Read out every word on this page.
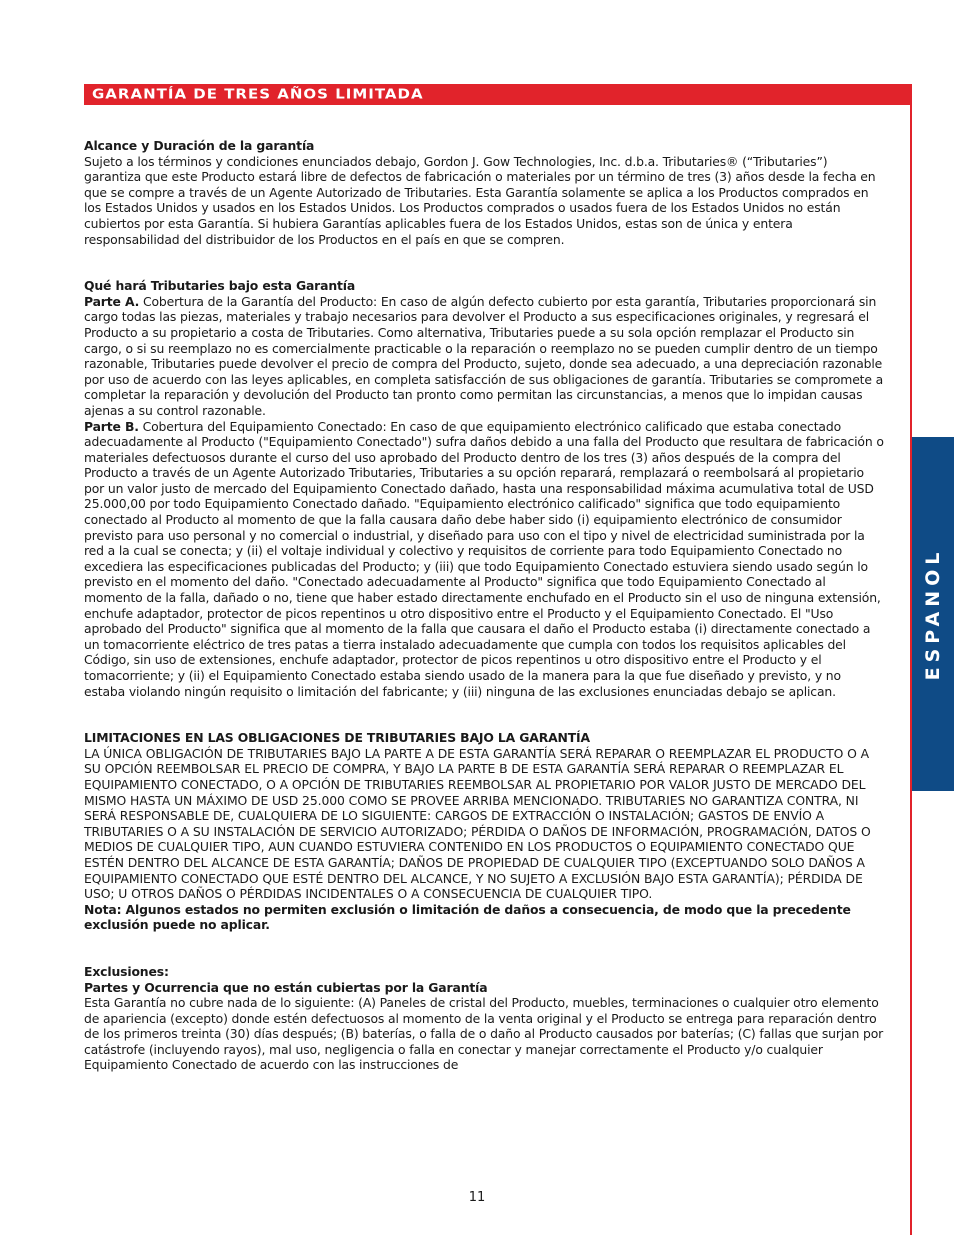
GARANTÍA DE TRES AÑOS LIMITADA
ESPANOL
Alcance y Duración de la garantía

Sujeto a los términos y condiciones enunciados debajo, Gordon J. Gow Technologies, Inc. d.b.a. Tributaries® (“Tributaries”) garantiza que este Producto estará libre de defectos de fabricación o materiales por un término de tres (3) años desde la fecha en que se compre a través de un Agente Autorizado de Tributaries. Esta Garantía solamente se aplica a los Productos comprados en los Estados Unidos y usados en los Estados Unidos. Los Productos comprados o usados fuera de los Estados Unidos no están cubiertos por esta Garantía. Si hubiera Garantías aplicables fuera de los Estados Unidos, estas son de única y entera responsabilidad del distribuidor de los Productos en el país en que se compren.

Qué hará Tributaries bajo esta Garantía

Parte A. Cobertura de la Garantía del Producto: En caso de algún defecto cubierto por esta garantía, Tributaries proporcionará sin cargo todas las piezas, materiales y trabajo necesarios para devolver el Producto a sus especificaciones originales, y regresará el Producto a su propietario a costa de Tributaries. Como alternativa, Tributaries puede a su sola opción remplazar el Producto sin cargo, o si su reemplazo no es comercialmente practicable o la reparación o reemplazo no se pueden cumplir dentro de un tiempo razonable, Tributaries puede devolver el precio de compra del Producto, sujeto, donde sea adecuado, a una depreciación razonable por uso de acuerdo con las leyes aplicables, en completa satisfacción de sus obligaciones de garantía. Tributaries se compromete a completar la reparación y devolución del Producto tan pronto como permitan las circunstancias, a menos que lo impidan causas ajenas a su control razonable.

Parte B. Cobertura del Equipamiento Conectado: En caso de que equipamiento electrónico calificado que estaba conectado adecuadamente al Producto ("Equipamiento Conectado") sufra daños debido a una falla del Producto que resultara de fabricación o materiales defectuosos durante el curso del uso aprobado del Producto dentro de los tres (3) años después de la compra del Producto a través de un Agente Autorizado Tributaries, Tributaries a su opción reparará, remplazará o reembolsará al propietario por un valor justo de mercado del Equipamiento Conectado dañado, hasta una responsabilidad máxima acumulativa total de USD 25.000,00 por todo Equipamiento Conectado dañado. "Equipamiento electrónico calificado" significa que todo equipamiento conectado al Producto al momento de que la falla causara daño debe haber sido (i) equipamiento electrónico de consumidor previsto para uso personal y no comercial o industrial, y diseñado para uso con el tipo y nivel de electricidad suministrada por la red a la cual se conecta; y (ii) el voltaje individual y colectivo y requisitos de corriente para todo Equipamiento Conectado no excediera las especificaciones publicadas del Producto; y (iii) que todo Equipamiento Conectado estuviera siendo usado según lo previsto en el momento del daño. "Conectado adecuadamente al Producto" significa que todo Equipamiento Conectado al momento de la falla, dañado o no, tiene que haber estado directamente enchufado en el Producto sin el uso de ninguna extensión, enchufe adaptador, protector de picos repentinos u otro dispositivo entre el Producto y el Equipamiento Conectado. El "Uso aprobado del Producto" significa que al momento de la falla que causara el daño el Producto estaba (i) directamente conectado a un tomacorriente eléctrico de tres patas a tierra instalado adecuadamente que cumpla con todos los requisitos aplicables del Código, sin uso de extensiones, enchufe adaptador, protector de picos repentinos u otro dispositivo entre el Producto y el tomacorriente; y (ii) el Equipamiento Conectado estaba siendo usado de la manera para la que fue diseñado y previsto, y no estaba violando ningún requisito o limitación del fabricante; y (iii) ninguna de las exclusiones enunciadas debajo se aplican.

LIMITACIONES EN LAS OBLIGACIONES DE TRIBUTARIES BAJO LA GARANTÍA

LA ÚNICA OBLIGACIÓN DE TRIBUTARIES BAJO LA PARTE A DE ESTA GARANTÍA SERÁ REPARAR O REEMPLAZAR EL PRODUCTO O A SU OPCIÓN REEMBOLSAR EL PRECIO DE COMPRA, Y BAJO LA PARTE B DE ESTA GARANTÍA SERÁ REPARAR O REEMPLAZAR EL EQUIPAMIENTO CONECTADO, O A OPCIÓN DE TRIBUTARIES REEMBOLSAR AL PROPIETARIO POR VALOR JUSTO DE MERCADO DEL MISMO HASTA UN MÁXIMO DE USD 25.000 COMO SE PROVEE ARRIBA MENCIONADO. TRIBUTARIES NO GARANTIZA CONTRA, NI SERÁ RESPONSABLE DE, CUALQUIERA DE LO SIGUIENTE: CARGOS DE EXTRACCIÓN O INSTALACIÓN; GASTOS DE ENVÍO A TRIBUTARIES O A SU INSTALACIÓN DE SERVICIO AUTORIZADO; PÉRDIDA O DAÑOS DE INFORMACIÓN, PROGRAMACIÓN, DATOS O MEDIOS DE CUALQUIER TIPO, AUN CUANDO ESTUVIERA CONTENIDO EN LOS PRODUCTOS O EQUIPAMIENTO CONECTADO QUE ESTÉN DENTRO DEL ALCANCE DE ESTA GARANTÍA; DAÑOS DE PROPIEDAD DE CUALQUIER TIPO (EXCEPTUANDO SOLO DAÑOS A EQUIPAMIENTO CONECTADO QUE ESTÉ DENTRO DEL ALCANCE, Y NO SUJETO A EXCLUSIÓN BAJO ESTA GARANTÍA); PÉRDIDA DE USO; U OTROS DAÑOS O PÉRDIDAS INCIDENTALES O A CONSECUENCIA DE CUALQUIER TIPO.

Nota: Algunos estados no permiten exclusión o limitación de daños a consecuencia, de modo que la precedente exclusión puede no aplicar.

Exclusiones:
Partes y Ocurrencia que no están cubiertas por la Garantía

Esta Garantía no cubre nada de lo siguiente: (A) Paneles de cristal del Producto, muebles, terminaciones o cualquier otro elemento de apariencia (excepto) donde estén defectuosos al momento de la venta original y el Producto se entrega para reparación dentro de los primeros treinta (30) días después; (B) baterías, o falla de o daño al Producto causados por baterías; (C) fallas que surjan por catástrofe (incluyendo rayos), mal uso, negligencia o falla en conectar y manejar correctamente el Producto y/o cualquier Equipamiento Conectado de acuerdo con las instrucciones de

11
